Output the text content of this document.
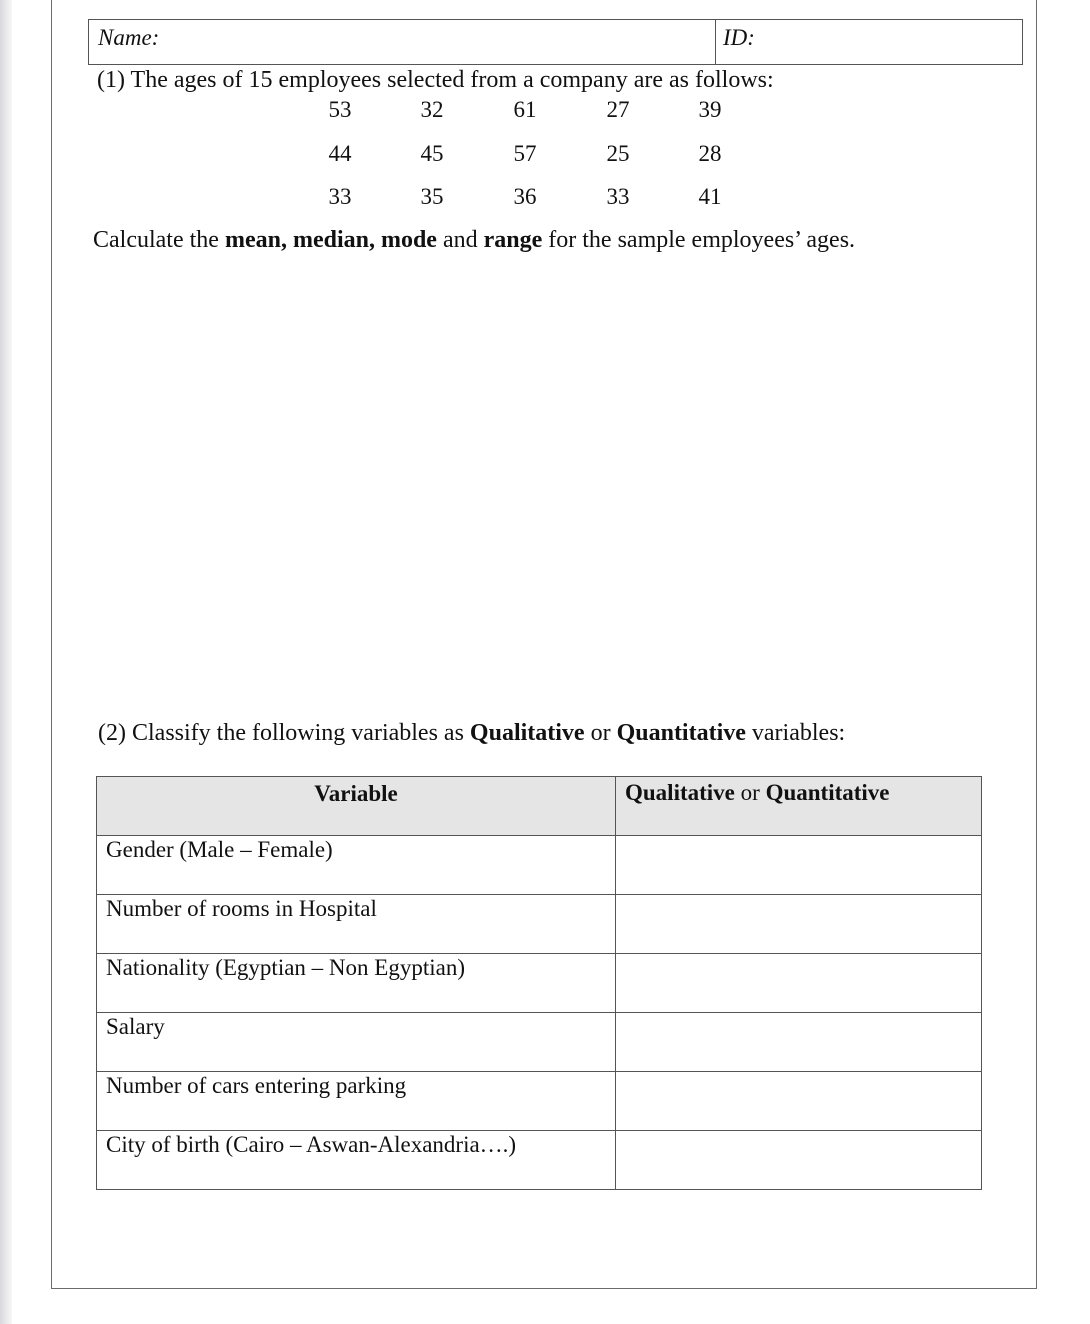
Name:	ID:
(1) The ages of 15 employees selected from a company are as follows:
53	32	61	27	39
44	45	57	25	28
33	35	36	33	41
Calculate the mean, median, mode and range for the sample employees’ ages.
(2) Classify the following variables as Qualitative or Quantitative variables:
Variable	Qualitative or Quantitative
Gender (Male – Female)	
Number of rooms in Hospital	
Nationality (Egyptian – Non Egyptian)	
Salary	
Number of cars entering parking	
City of birth (Cairo – Aswan-Alexandria….)	
